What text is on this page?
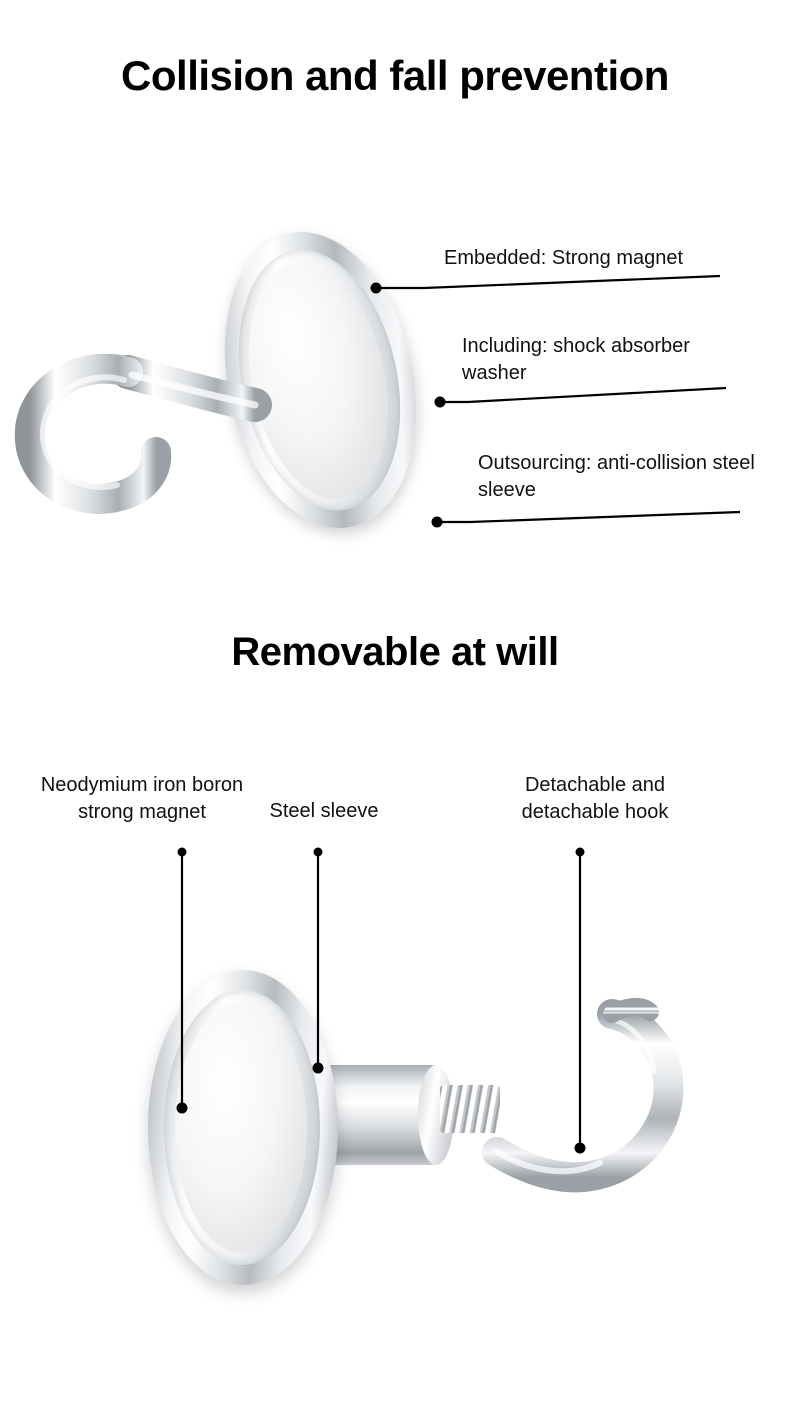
Collision and fall prevention
Removable at will
Embedded: Strong magnet
Including: shock absorber washer
Outsourcing: anti-collision steel sleeve
Neodymium iron boron strong magnet	Steel sleeve
Detachable and detachable hook
